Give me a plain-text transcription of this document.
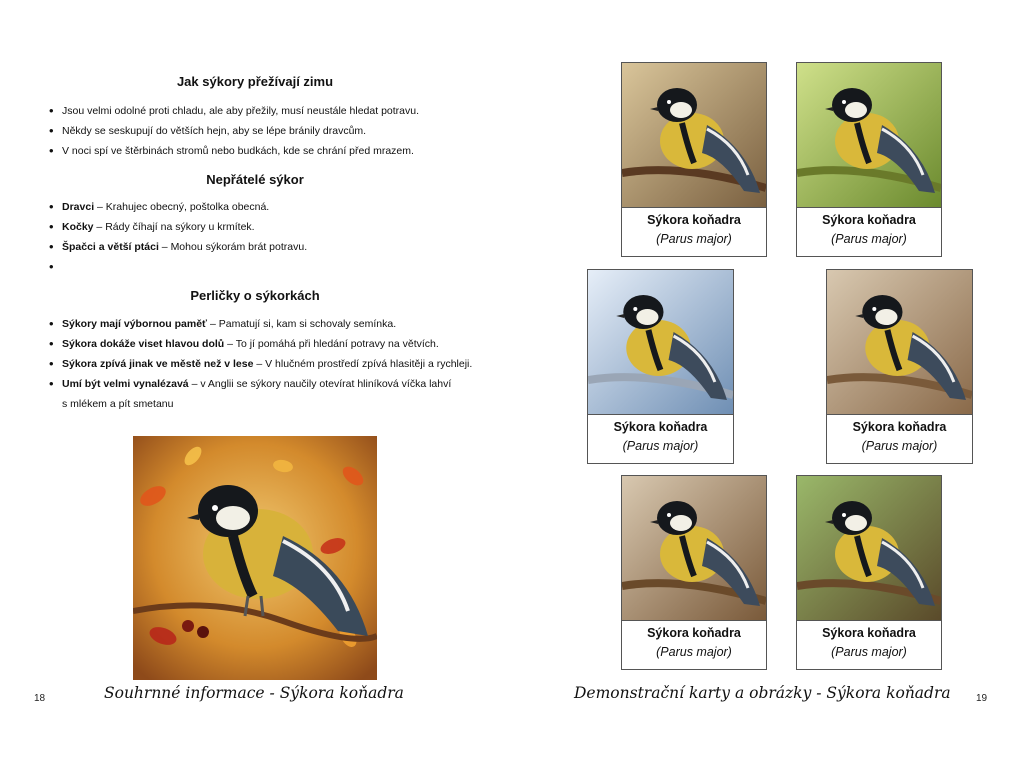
Jak sýkory přežívají zimu
• Jsou velmi odolné proti chladu, ale aby přežily, musí neustále hledat potravu.
• Někdy se seskupují do větších hejn, aby se lépe bránily dravcům.
• V noci spí ve štěrbinách stromů nebo budkách, kde se chrání před mrazem.
Nepřátelé sýkor
• Dravci – Krahujec obecný, poštolka obecná.
• Kočky – Rády číhají na sýkory u krmítek.
• Špačci a větší ptáci – Mohou sýkorám brát potravu.
Perličky o sýkorkách
• Sýkory mají výbornou paměť – Pamatují si, kam si schovaly semínka.
• Sýkora dokáže viset hlavou dolů – To jí pomáhá při hledání potravy na větvích.
• Sýkora zpívá jinak ve městě než v lese – V hlučném prostředí zpívá hlasitěji a rychleji.
• Umí být velmi vynalézavá – v Anglii se sýkory naučily otevírat hliníková víčka lahví
s mlékem a pít smetanu
Souhrnné informace - Sýkora koňadra
18
Sýkora koňadra
(Parus major)
Sýkora koňadra
(Parus major)
Sýkora koňadra
(Parus major)
Sýkora koňadra
(Parus major)
Sýkora koňadra
(Parus major)
Sýkora koňadra
(Parus major)
Demonstrační karty a obrázky - Sýkora koňadra	19
